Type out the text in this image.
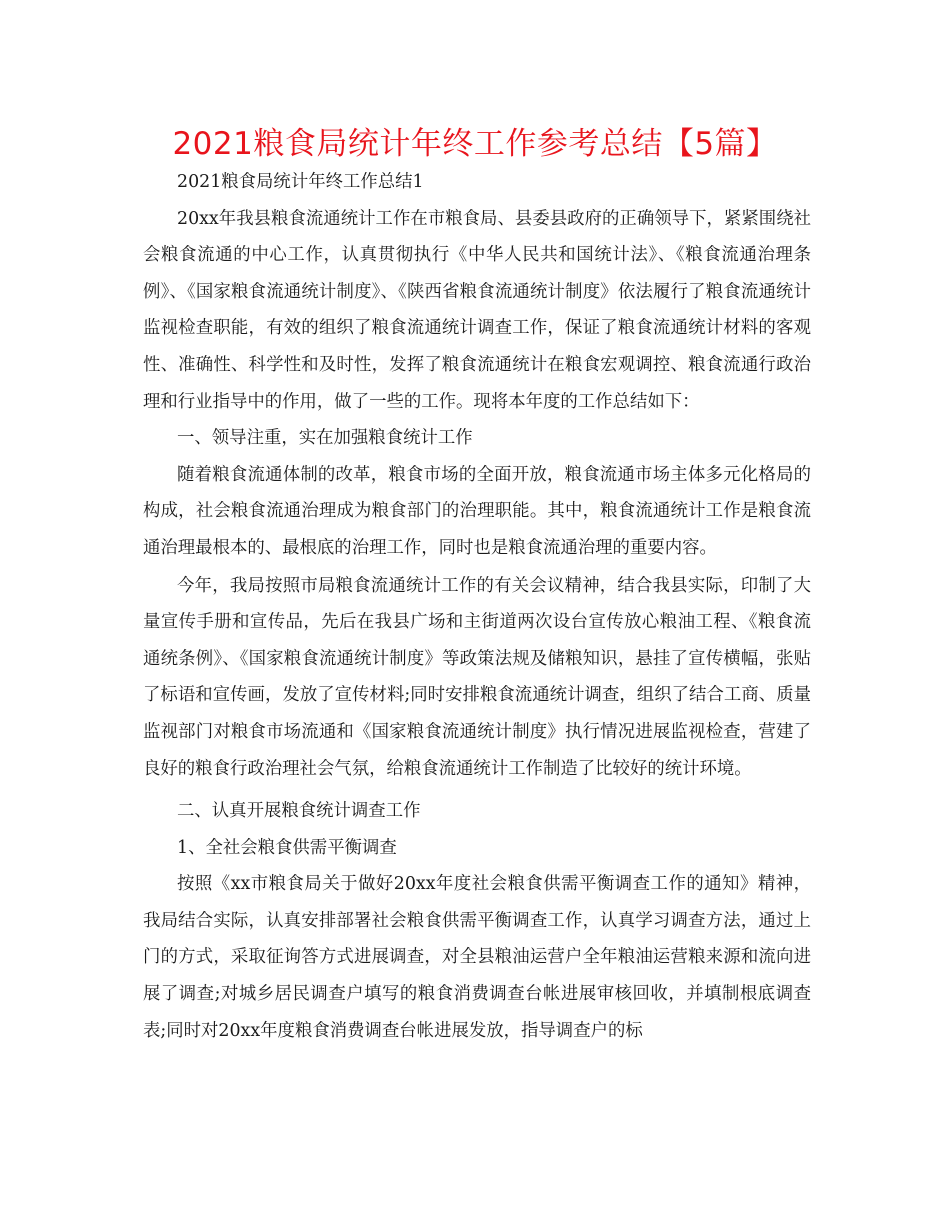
2021粮食局统计年终工作参考总结【5篇】

2021粮食局统计年终工作总结1

20xx年我县粮食流通统计工作在市粮食局、县委县政府的正确领导下，紧紧围绕社会粮食流通的中心工作，认真贯彻执行《中华人民共和国统计法》、《粮食流通治理条例》、《国家粮食流通统计制度》、《陕西省粮食流通统计制度》依法履行了粮食流通统计监视检查职能，有效的组织了粮食流通统计调查工作，保证了粮食流通统计材料的客观性、准确性、科学性和及时性，发挥了粮食流通统计在粮食宏观调控、粮食流通行政治理和行业指导中的作用，做了一些的工作。现将本年度的工作总结如下：

一、领导注重，实在加强粮食统计工作

随着粮食流通体制的改革，粮食市场的全面开放，粮食流通市场主体多元化格局的构成，社会粮食流通治理成为粮食部门的治理职能。其中，粮食流通统计工作是粮食流通治理最根本的、最根底的治理工作，同时也是粮食流通治理的重要内容。

今年，我局按照市局粮食流通统计工作的有关会议精神，结合我县实际，印制了大量宣传手册和宣传品，先后在我县广场和主街道两次设台宣传放心粮油工程、《粮食流通统条例》、《国家粮食流通统计制度》等政策法规及储粮知识，悬挂了宣传横幅，张贴了标语和宣传画，发放了宣传材料;同时安排粮食流通统计调查，组织了结合工商、质量监视部门对粮食市场流通和《国家粮食流通统计制度》执行情况进展监视检查，营建了良好的粮食行政治理社会气氛，给粮食流通统计工作制造了比较好的统计环境。

二、认真开展粮食统计调查工作

1、全社会粮食供需平衡调查

按照《xx市粮食局关于做好20xx年度社会粮食供需平衡调查工作的通知》精神，我局结合实际，认真安排部署社会粮食供需平衡调查工作，认真学习调查方法，通过上门的方式，采取征询答方式进展调查，对全县粮油运营户全年粮油运营粮来源和流向进展了调查;对城乡居民调查户填写的粮食消费调查台帐进展审核回收，并填制根底调查表;同时对20xx年度粮食消费调查台帐进展发放，指导调查户的标
